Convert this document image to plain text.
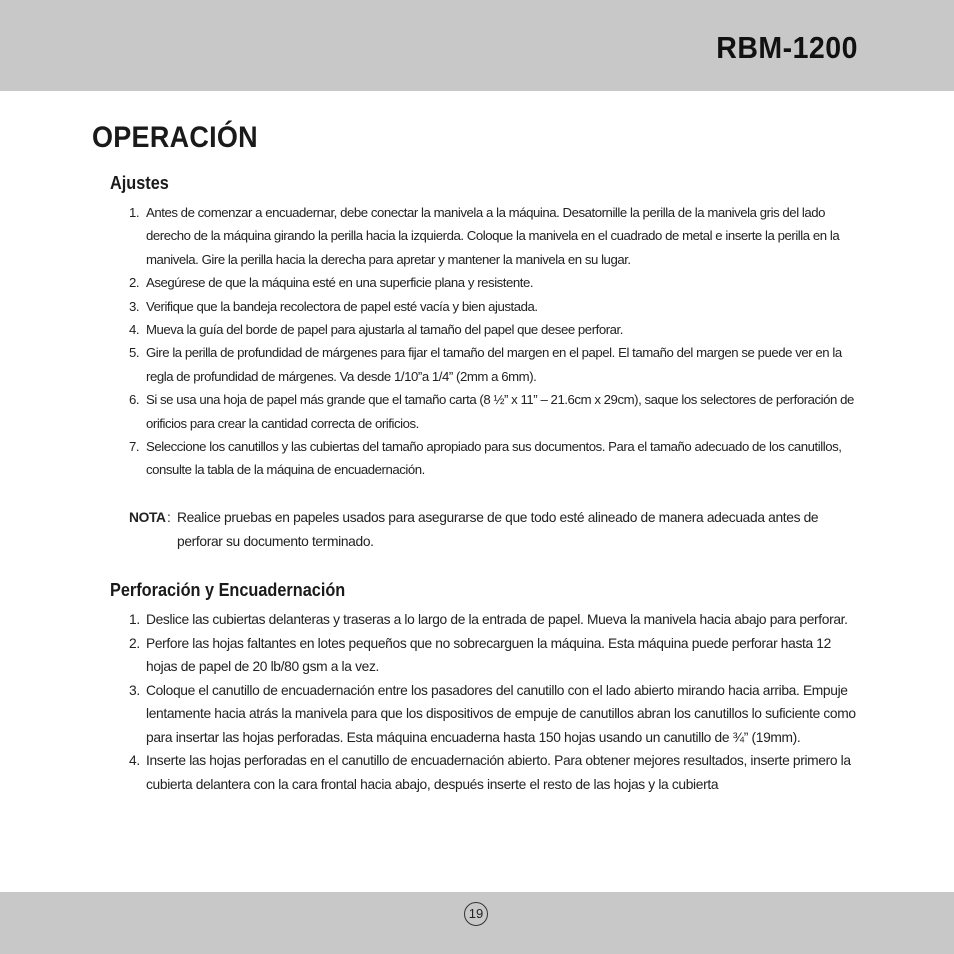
RBM-1200
OPERACIÓN
Ajustes
1. Antes de comenzar a encuadernar, debe conectar la manivela a la máquina. Desatornille la perilla de la manivela gris del lado derecho de la máquina girando la perilla hacia la izquierda. Coloque la manivela en el cuadrado de metal e inserte la perilla en la manivela. Gire la perilla hacia la derecha para apretar y mantener la manivela en su lugar.
2. Asegúrese de que la máquina esté en una superficie plana y resistente.
3. Verifique que la bandeja recolectora de papel esté vacía y bien ajustada.
4. Mueva la guía del borde de papel para ajustarla al tamaño del papel que desee perforar.
5. Gire la perilla de profundidad de márgenes para fijar el tamaño del margen en el papel. El tamaño del margen se puede ver en la regla de profundidad de márgenes. Va desde 1/10”a 1/4” (2mm a 6mm).
6. Si se usa una hoja de papel más grande que el tamaño carta (8 ½” x 11” – 21.6cm x 29cm), saque los selectores de perforación de orificios para crear la cantidad correcta de orificios.
7. Seleccione los canutillos y las cubiertas del tamaño apropiado para sus documentos. Para el tamaño adecuado de los canutillos, consulte la tabla de la máquina de encuadernación.
NOTA : Realice pruebas en papeles usados para asegurarse de que todo esté alineado de manera adecuada antes de perforar su documento terminado.
Perforación y Encuadernación
1. Deslice las cubiertas delanteras y traseras a lo largo de la entrada de papel. Mueva la manivela hacia abajo para perforar.
2. Perfore las hojas faltantes en lotes pequeños que no sobrecarguen la máquina. Esta máquina puede perforar hasta 12 hojas de papel de 20 lb/80 gsm a la vez.
3. Coloque el canutillo de encuadernación entre los pasadores del canutillo con el lado abierto mirando hacia arriba. Empuje lentamente hacia atrás la manivela para que los dispositivos de empuje de canutillos abran los canutillos lo suficiente como para insertar las hojas perforadas. Esta máquina encuaderna hasta 150 hojas usando un canutillo de ¾” (19mm).
4. Inserte las hojas perforadas en el canutillo de encuadernación abierto. Para obtener mejores resultados, inserte primero la cubierta delantera con la cara frontal hacia abajo, después inserte el resto de las hojas y la cubierta
19
